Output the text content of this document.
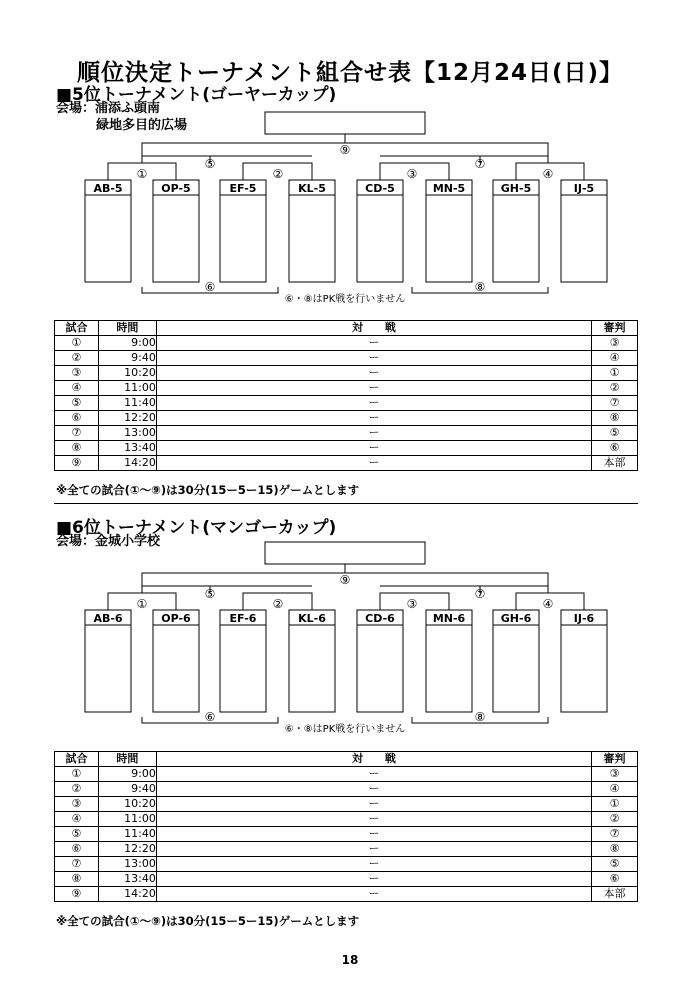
順位決定トーナメント組合せ表【12月24日(日)】
■5位トーナメント(ゴーヤーカップ)
会場：浦添ふ頭南
緑地多目的広場
AB-5	OP-5	EF-5	KL-5	CD-5	MN-5	GH-5	IJ-5
⑨
⑤	⑦
①	②	③	④
⑥	⑧
⑥・⑧はPK戦を行いません
試合	時間	対　　戦	審判
①	9:00	ー	③
②	9:40	ー	④
③	10:20	ー	①
④	11:00	ー	②
⑤	11:40	ー	⑦
⑥	12:20	ー	⑧
⑦	13:00	ー	⑤
⑧	13:40	ー	⑥
⑨	14:20	ー	本部
※全ての試合(①～⑨)は30分(15ー5ー15)ゲームとします
■6位トーナメント(マンゴーカップ)
会場：金城小学校
AB-6	OP-6	EF-6	KL-6	CD-6	MN-6	GH-6	IJ-6
⑨
⑤	⑦
①	②	③	④
⑥	⑧
⑥・⑧はPK戦を行いません
試合	時間	対　　戦	審判
①	9:00	ー	③
②	9:40	ー	④
③	10:20	ー	①
④	11:00	ー	②
⑤	11:40	ー	⑦
⑥	12:20	ー	⑧
⑦	13:00	ー	⑤
⑧	13:40	ー	⑥
⑨	14:20	ー	本部
※全ての試合(①～⑨)は30分(15ー5ー15)ゲームとします
18
